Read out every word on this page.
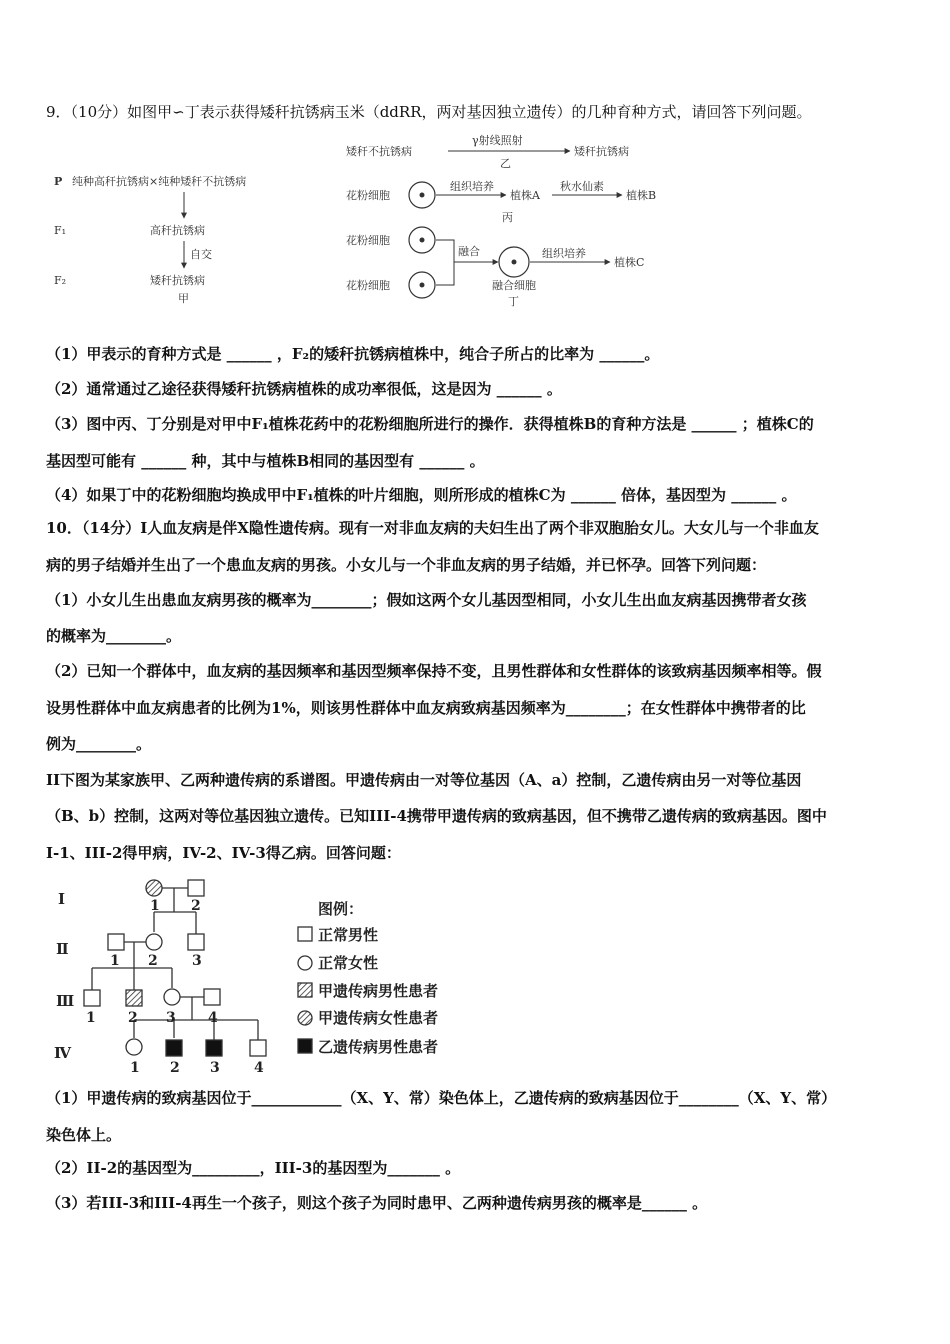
9．（10分）如图甲∽丁表示获得矮秆抗锈病玉米（ddRR，两对基因独立遗传）的几种育种方式，请回答下列问题。
P 纯种高秆抗锈病×纯种矮秆不抗锈病
F₁	高秆抗锈病
自交
F₂	矮秆抗锈病
甲
矮秆不抗锈病
γ射线照射
乙
矮秆抗锈病
花粉细胞
组织培养
植株A
秋水仙素
植株B
丙
花粉细胞
花粉细胞
融合	组织培养
植株C
融合细胞
丁
（1）甲表示的育种方式是 ______ ，F₂的矮秆抗锈病植株中，纯合子所占的比率为 ______。
（2）通常通过乙途径获得矮秆抗锈病植株的成功率很低，这是因为 ______ 。
（3）图中丙、丁分别是对甲中F₁植株花药中的花粉细胞所进行的操作．获得植株B的育种方法是 ______ ；植株C的
基因型可能有 ______ 种，其中与植株B相同的基因型有 ______ 。
（4）如果丁中的花粉细胞均换成甲中F₁植株的叶片细胞，则所形成的植株C为 ______ 倍体，基因型为 ______ 。
10．（14分）I人血友病是伴X隐性遗传病。现有一对非血友病的夫妇生出了两个非双胞胎女儿。大女儿与一个非血友
病的男子结婚并生出了一个患血友病的男孩。小女儿与一个非血友病的男子结婚，并已怀孕。回答下列问题：
（1）小女儿生出患血友病男孩的概率为________；假如这两个女儿基因型相同，小女儿生出血友病基因携带者女孩
的概率为________。
（2）已知一个群体中，血友病的基因频率和基因型频率保持不变，且男性群体和女性群体的该致病基因频率相等。假
设男性群体中血友病患者的比例为1%，则该男性群体中血友病致病基因频率为________；在女性群体中携带者的比
例为________。
II下图为某家族甲、乙两种遗传病的系谱图。甲遗传病由一对等位基因（A、a）控制，乙遗传病由另一对等位基因
（B、b）控制，这两对等位基因独立遗传。已知III-4携带甲遗传病的致病基因，但不携带乙遗传病的致病基因。图中
I-1、III-2得甲病，IV-2、IV-3得乙病。回答问题：
I
Ⅱ
Ⅲ
Ⅳ
1 2
1 2 3
1 2 3 4
1 2 3 4
图例：
正常男性
正常女性
甲遗传病男性患者
甲遗传病女性患者
乙遗传病男性患者
（1）甲遗传病的致病基因位于____________（X、Y、常）染色体上，乙遗传病的致病基因位于________（X、Y、常）
染色体上。
（2）II-2的基因型为_________，III-3的基因型为_______ 。
（3）若III-3和III-4再生一个孩子，则这个孩子为同时患甲、乙两种遗传病男孩的概率是______ 。
